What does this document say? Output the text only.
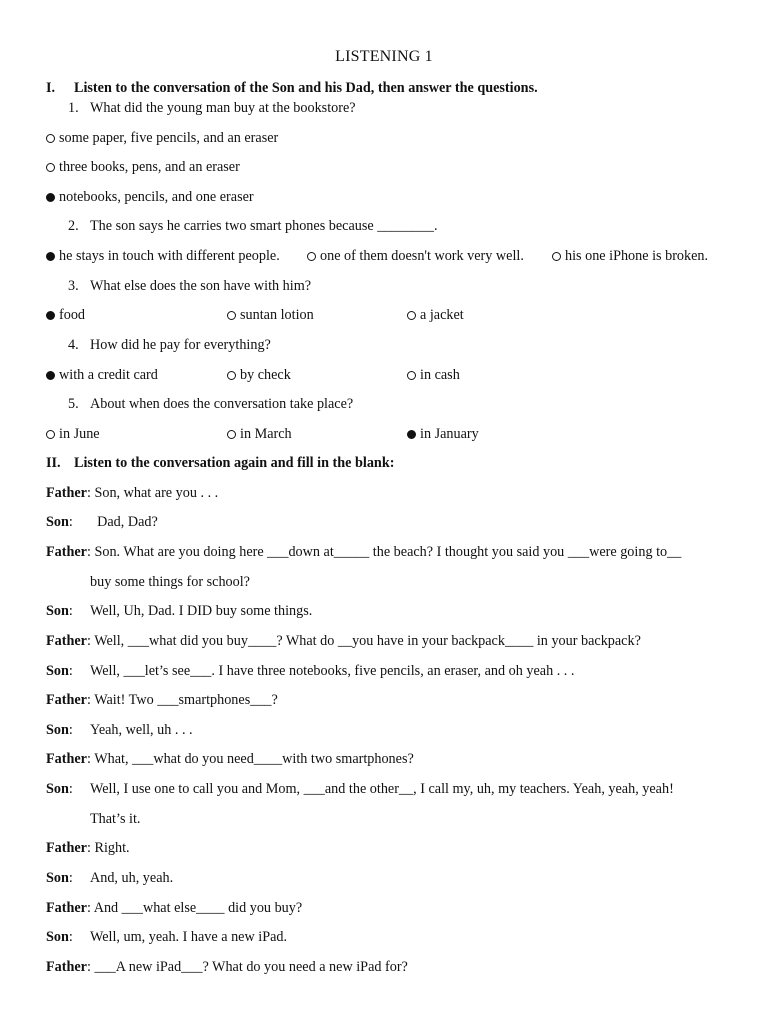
LISTENING 1
I. Listen to the conversation of the Son and his Dad, then answer the questions.
1. What did the young man buy at the bookstore?
some paper, five pencils, and an eraser
three books, pens, and an eraser
notebooks, pencils, and one eraser
2. The son says he carries two smart phones because ________.
he stays in touch with different people.	one of them doesn't work very well.	his one iPhone is broken.
3. What else does the son have with him?
food	suntan lotion	a jacket
4. How did he pay for everything?
with a credit card	by check	in cash
5. About when does the conversation take place?
in June	in March	in January
II. Listen to the conversation again and fill in the blank:
Father: Son, what are you . . .
Son:  Dad, Dad?
Father: Son. What are you doing here ___down at_____ the beach? I thought you said you ___were going to__
buy some things for school?
Son: Well, Uh, Dad. I DID buy some things.
Father: Well, ___what did you buy____? What do __you have in your backpack____ in your backpack?
Son: Well, ___let’s see___. I have three notebooks, five pencils, an eraser, and oh yeah . . .
Father: Wait! Two ___smartphones___?
Son: Yeah, well, uh . . .
Father: What, ___what do you need____with two smartphones?
Son: Well, I use one to call you and Mom, ___and the other__, I call my, uh, my teachers. Yeah, yeah, yeah!
That’s it.
Father: Right.
Son: And, uh, yeah.
Father: And ___what else____ did you buy?
Son: Well, um, yeah. I have a new iPad.
Father: ___A new iPad___? What do you need a new iPad for?
